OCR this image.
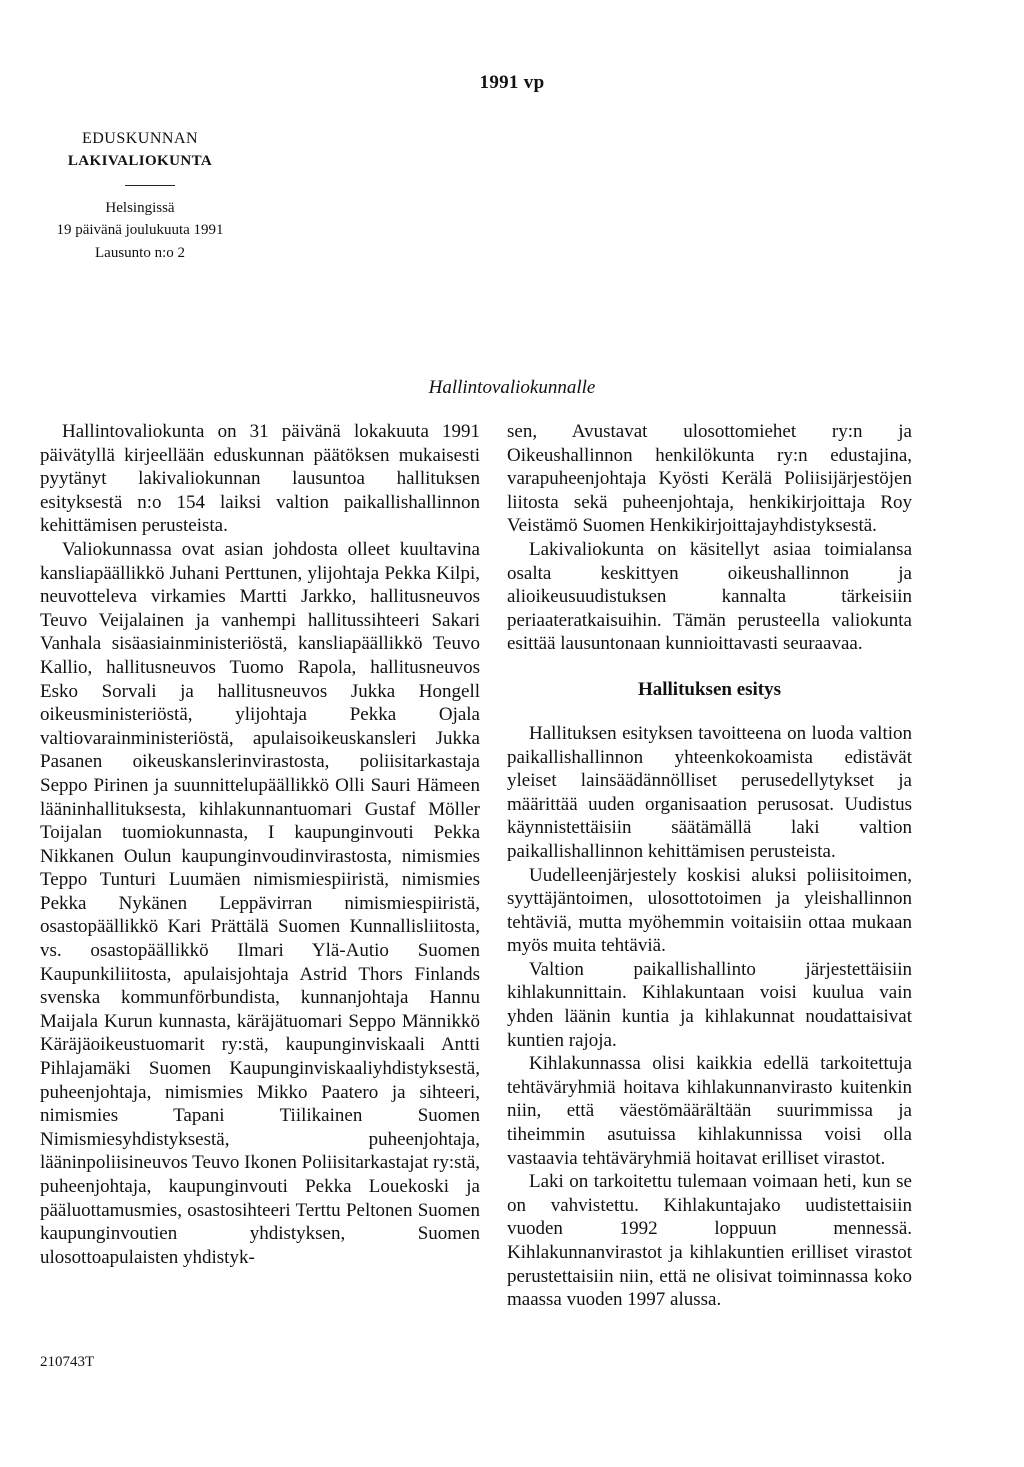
1991 vp
EDUSKUNNAN
LAKIVALIOKUNTA
Helsingissä
19 päivänä joulukuuta 1991
Lausunto n:o 2
Hallintovaliokunnalle

Hallintovaliokunta on 31 päivänä lokakuuta 1991 päivätyllä kirjeellään eduskunnan päätöksen mukaisesti pyytänyt lakivaliokunnan lausuntoa hallituksen esityksestä n:o 154 laiksi valtion paikallishallinnon kehittämisen perusteista.

Valiokunnassa ovat asian johdosta olleet kuultavina kansliapäällikkö Juhani Perttunen, ylijohtaja Pekka Kilpi, neuvotteleva virkamies Martti Jarkko, hallitusneuvos Teuvo Veijalainen ja vanhempi hallitussihteeri Sakari Vanhala sisäasiainministeriöstä, kansliapäällikkö Teuvo Kallio, hallitusneuvos Tuomo Rapola, hallitusneuvos Esko Sorvali ja hallitusneuvos Jukka Hongell oikeusministeriöstä, ylijohtaja Pekka Ojala valtiovarainministeriöstä, apulaisoikeuskansleri Jukka Pasanen oikeuskanslerinvirastosta, poliisitarkastaja Seppo Pirinen ja suunnittelupäällikkö Olli Sauri Hämeen lääninhallituksesta, kihlakunnantuomari Gustaf Möller Toijalan tuomiokunnasta, I kaupunginvouti Pekka Nikkanen Oulun kaupunginvoudinvirastosta, nimismies Teppo Tunturi Luumäen nimismiespiiristä, nimismies Pekka Nykänen Leppävirran nimismiespiiristä, osastopäällikkö Kari Prättälä Suomen Kunnallisliitosta, vs. osastopäällikkö Ilmari Ylä-Autio Suomen Kaupunkiliitosta, apulaisjohtaja Astrid Thors Finlands svenska kommunförbundista, kunnanjohtaja Hannu Maijala Kurun kunnasta, käräjätuomari Seppo Männikkö Käräjäoikeustuomarit ry:stä, kaupunginviskaali Antti Pihlajamäki Suomen Kaupunginviskaaliyhdistyksestä, puheenjohtaja, nimismies Mikko Paatero ja sihteeri, nimismies Tapani Tiilikainen Suomen Nimismiesyhdistyksestä, puheenjohtaja, lääninpoliisineuvos Teuvo Ikonen Poliisitarkastajat ry:stä, puheenjohtaja, kaupunginvouti Pekka Louekoski ja pääluottamusmies, osastosihteeri Terttu Peltonen Suomen kaupunginvoutien yhdistyksen, Suomen ulosottoapulaisten yhdistyk-

sen, Avustavat ulosottomiehet ry:n ja Oikeushallinnon henkilökunta ry:n edustajina, varapuheenjohtaja Kyösti Kerälä Poliisijärjestöjen liitosta sekä puheenjohtaja, henkikirjoittaja Roy Veistämö Suomen Henkikirjoittajayhdistyksestä.

Lakivaliokunta on käsitellyt asiaa toimialansa osalta keskittyen oikeushallinnon ja alioikeusuudistuksen kannalta tärkeisiin periaateratkaisuihin. Tämän perusteella valiokunta esittää lausuntonaan kunnioittavasti seuraavaa.

Hallituksen esitys

Hallituksen esityksen tavoitteena on luoda valtion paikallishallinnon yhteenkokoamista edistävät yleiset lainsäädännölliset perusedellytykset ja määrittää uuden organisaation perusosat. Uudistus käynnistettäisiin säätämällä laki valtion paikallishallinnon kehittämisen perusteista.

Uudelleenjärjestely koskisi aluksi poliisitoimen, syyttäjäntoimen, ulosottotoimen ja yleishallinnon tehtäviä, mutta myöhemmin voitaisiin ottaa mukaan myös muita tehtäviä.

Valtion paikallishallinto järjestettäisiin kihlakunnittain. Kihlakuntaan voisi kuulua vain yhden läänin kuntia ja kihlakunnat noudattaisivat kuntien rajoja.

Kihlakunnassa olisi kaikkia edellä tarkoitettuja tehtäväryhmiä hoitava kihlakunnanvirasto kuitenkin niin, että väestömäärältään suurimmissa ja tiheimmin asutuissa kihlakunnissa voisi olla vastaavia tehtäväryhmiä hoitavat erilliset virastot.

Laki on tarkoitettu tulemaan voimaan heti, kun se on vahvistettu. Kihlakuntajako uudistettaisiin vuoden 1992 loppuun mennessä. Kihlakunnanvirastot ja kihlakuntien erilliset virastot perustettaisiin niin, että ne olisivat toiminnassa koko maassa vuoden 1997 alussa.

210743T
